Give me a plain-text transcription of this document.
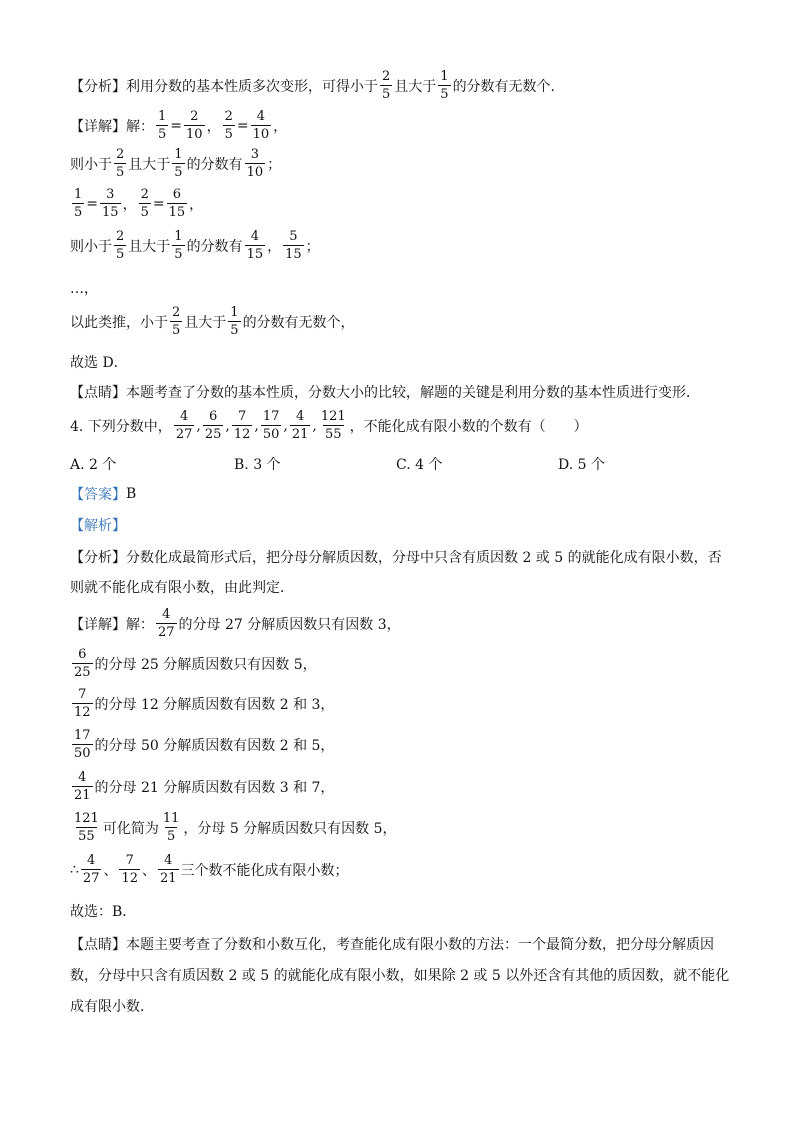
【分析】 利用分数的基本性质多次变形，可得小于 $\frac{2}{5}$ 且大于 $\frac{1}{5}$ 的分数有无数个．
【详解】 解： $\frac{1}{5} = \frac{2}{10}$ ， $\frac{2}{5} = \frac{4}{10}$ ，
则小于 $\frac{2}{5}$ 且大于 $\frac{1}{5}$ 的分数有 $\frac{3}{10}$ ；
$\frac{1}{5} = \frac{3}{15}$ ， $\frac{2}{5} = \frac{6}{15}$ ，
则小于 $\frac{2}{5}$ 且大于 $\frac{1}{5}$ 的分数有 $\frac{4}{15}$ ， $\frac{5}{15}$ ；
…，
以此类推，小于 $\frac{2}{5}$ 且大于 $\frac{1}{5}$ 的分数有无数个，
故选 D．
【点睛】 本题考查了分数的基本性质，分数大小的比较，解题的关键是利用分数的基本性质进行变形．
4. 下列分数中， $\frac{4}{27}$ , $\frac{6}{25}$ , $\frac{7}{12}$ , $\frac{17}{50}$ , $\frac{4}{21}$ , $\frac{121}{55}$ ，不能化成有限小数的个数有（　　）
A. 2 个	B. 3 个	C. 4 个	D. 5 个
【答案】 B
【解析】
【分析】 分数化成最简形式后，把分母分解质因数，分母中只含有质因数 2 或 5 的就能化成有限小数，否
则就不能化成有限小数，由此判定．
【详解】 解： $\frac{4}{27}$ 的分母 27 分解质因数只有因数 3，
$\frac{6}{25}$ 的分母 25 分解质因数只有因数 5，
$\frac{7}{12}$ 的分母 12 分解质因数有因数 2 和 3，
$\frac{17}{50}$ 的分母 50 分解质因数有因数 2 和 5，
$\frac{4}{21}$ 的分母 21 分解质因数有因数 3 和 7，
$\frac{121}{55}$ 可化简为 $\frac{11}{5}$ ，分母 5 分解质因数只有因数 5，
∴ $\frac{4}{27}$ 、 $\frac{7}{12}$ 、 $\frac{4}{21}$ 三个数不能化成有限小数；
故选：B．
【点睛】 本题主要考查了分数和小数互化，考查能化成有限小数的方法：一个最简分数，把分母分解质因
数，分母中只含有质因数 2 或 5 的就能化成有限小数，如果除 2 或 5 以外还含有其他的质因数，就不能化
成有限小数．
